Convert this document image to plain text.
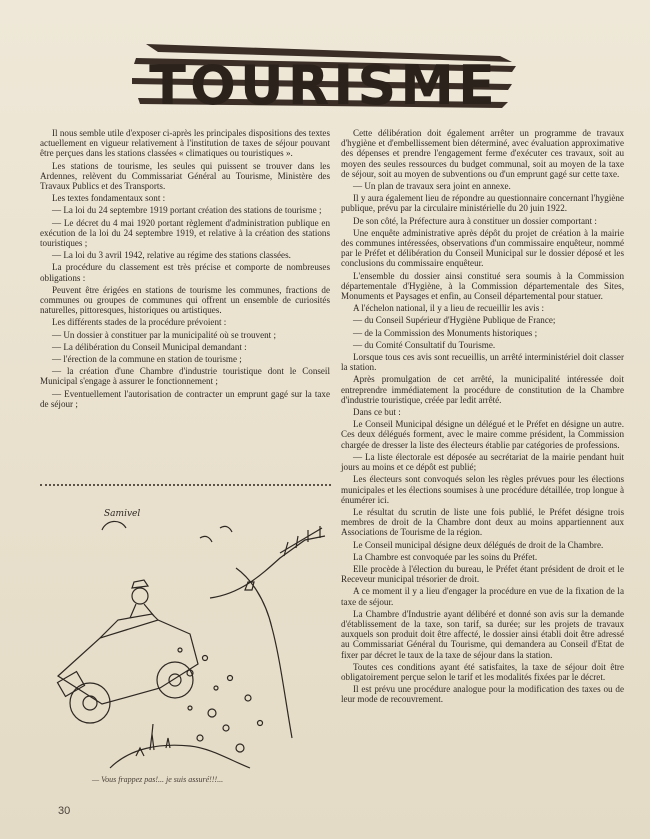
TOURISME

Il nous semble utile d'exposer ci-après les principales dispositions des textes actuellement en vigueur relativement à l'institution de taxes de séjour pouvant être perçues dans les stations classées « climatiques ou touristiques ».

Les stations de tourisme, les seules qui puissent se trouver dans les Ardennes, relèvent du Commissariat Général au Tourisme, Ministère des Travaux Publics et des Transports.

Les textes fondamentaux sont :

— La loi du 24 septembre 1919 portant création des stations de tourisme ;

— Le décret du 4 mai 1920 portant règlement d'administration publique en exécution de la loi du 24 septembre 1919, et relative à la création des stations touristiques ;

— La loi du 3 avril 1942, relative au régime des stations classées.

La procédure du classement est très précise et comporte de nombreuses obligations :

Peuvent être érigées en stations de tourisme les communes, fractions de communes ou groupes de communes qui offrent un ensemble de curiosités naturelles, pittoresques, historiques ou artistiques.

Les différents stades de la procédure prévoient :

— Un dossier à constituer par la municipalité où se trouvent ;

— La délibération du Conseil Municipal demandant :

— l'érection de la commune en station de tourisme ;

— la création d'une Chambre d'industrie touristique dont le Conseil Municipal s'engage à assurer le fonctionnement ;

— Eventuellement l'autorisation de contracter un emprunt gagé sur la taxe de séjour ;

Samivel
— Vous frappez pas!... je suis assuré!!!...

Cette délibération doit également arrêter un programme de travaux d'hygiène et d'embellissement bien déterminé, avec évaluation approximative des dépenses et prendre l'engagement ferme d'exécuter ces travaux, soit au moyen des seules ressources du budget communal, soit au moyen de la taxe de séjour, soit au moyen de subventions ou d'un emprunt gagé sur cette taxe.

— Un plan de travaux sera joint en annexe.

Il y aura également lieu de répondre au questionnaire concernant l'hygiène publique, prévu par la circulaire ministérielle du 20 juin 1922.

De son côté, la Préfecture aura à constituer un dossier comportant :

Une enquête administrative après dépôt du projet de création à la mairie des communes intéressées, observations d'un commissaire enquêteur, nommé par le Préfet et délibération du Conseil Municipal sur le dossier déposé et les conclusions du commissaire enquêteur.

L'ensemble du dossier ainsi constitué sera soumis à la Commission départementale d'Hygiène, à la Commission départementale des Sites, Monuments et Paysages et enfin, au Conseil départemental pour statuer.

A l'échelon national, il y a lieu de recueillir les avis :

— du Conseil Supérieur d'Hygiène Publique de France;

— de la Commission des Monuments historiques ;

— du Comité Consultatif du Tourisme.

Lorsque tous ces avis sont recueillis, un arrêté interministériel doit classer la station.

Après promulgation de cet arrêté, la municipalité intéressée doit entreprendre immédiatement la procédure de constitution de la Chambre d'industrie touristique, créée par ledit arrêté.

Dans ce but :

Le Conseil Municipal désigne un délégué et le Préfet en désigne un autre. Ces deux délégués forment, avec le maire comme président, la Commission chargée de dresser la liste des électeurs établie par catégories de professions.

— La liste électorale est déposée au secrétariat de la mairie pendant huit jours au moins et ce dépôt est publié;

Les électeurs sont convoqués selon les règles prévues pour les élections municipales et les élections soumises à une procédure détaillée, trop longue à énumérer ici.

Le résultat du scrutin de liste une fois publié, le Préfet désigne trois membres de droit de la Chambre dont deux au moins appartiennent aux Associations de Tourisme de la région.

Le Conseil municipal désigne deux délégués de droit de la Chambre.

La Chambre est convoquée par les soins du Préfet.

Elle procède à l'élection du bureau, le Préfet étant président de droit et le Receveur municipal trésorier de droit.

A ce moment il y a lieu d'engager la procédure en vue de la fixation de la taxe de séjour.

La Chambre d'Industrie ayant délibéré et donné son avis sur la demande d'établissement de la taxe, son tarif, sa durée; sur les projets de travaux auxquels son produit doit être affecté, le dossier ainsi établi doit être adressé au Commissariat Général du Tourisme, qui demandera au Conseil d'Etat de fixer par décret le taux de la taxe de séjour dans la station.

Toutes ces conditions ayant été satisfaites, la taxe de séjour doit être obligatoirement perçue selon le tarif et les modalités fixées par le décret.

Il est prévu une procédure analogue pour la modification des taxes ou de leur mode de recouvrement.

30
